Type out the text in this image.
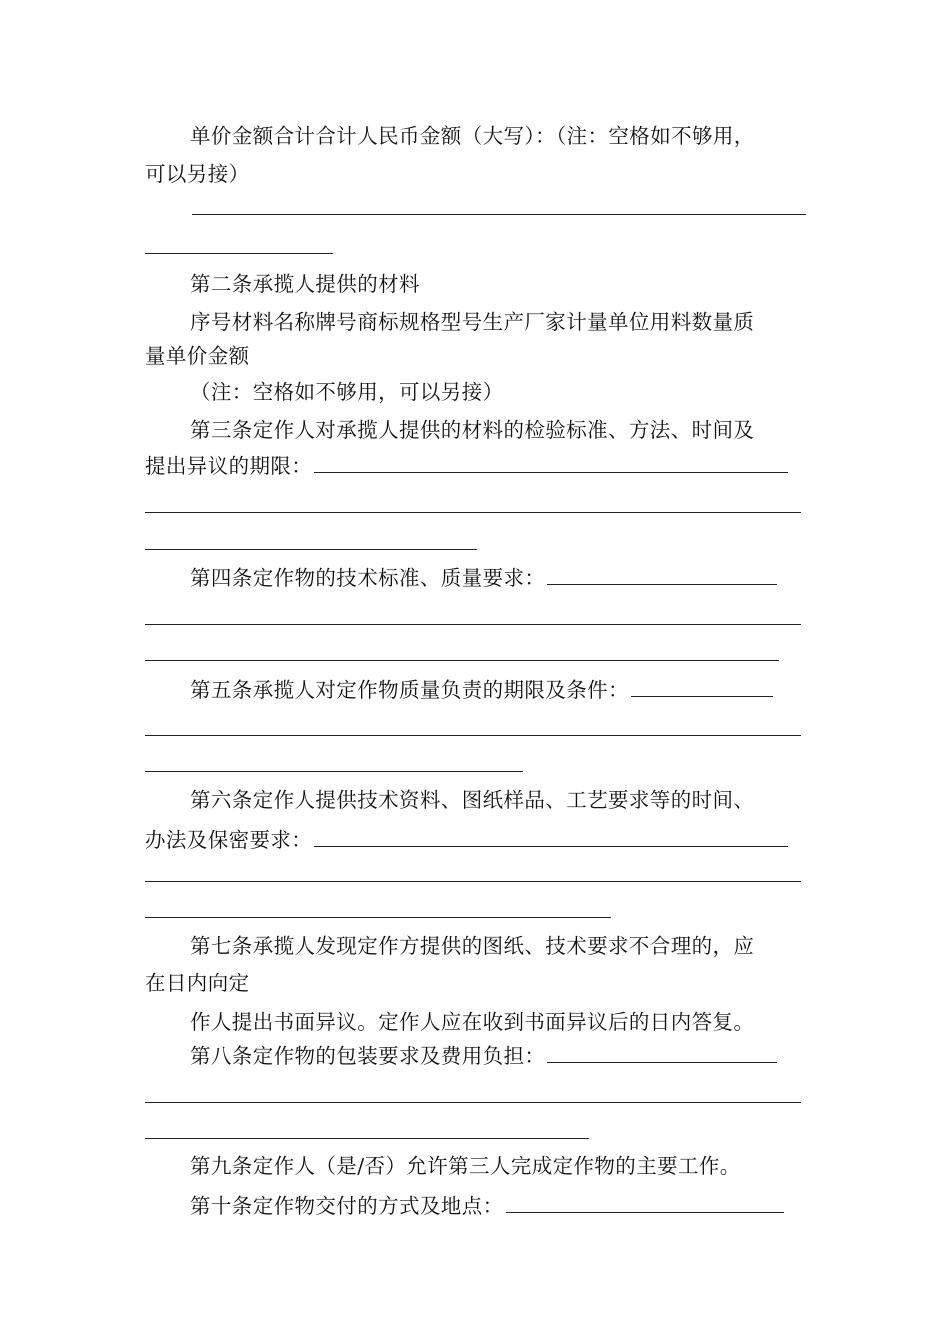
单价金额合计合计人民币金额（大写）：（注：空格如不够用，
可以另接）
第二条承揽人提供的材料
序号材料名称牌号商标规格型号生产厂家计量单位用料数量质
量单价金额
（注：空格如不够用，可以另接）
第三条定作人对承揽人提供的材料的检验标准、方法、时间及
提出异议的期限：
第四条定作物的技术标准、质量要求：
第五条承揽人对定作物质量负责的期限及条件：
第六条定作人提供技术资料、图纸样品、工艺要求等的时间、
办法及保密要求：
第七条承揽人发现定作方提供的图纸、技术要求不合理的，应
在日内向定
作人提出书面异议。定作人应在收到书面异议后的日内答复。
第八条定作物的包装要求及费用负担：
第九条定作人（是/否）允许第三人完成定作物的主要工作。
第十条定作物交付的方式及地点：
